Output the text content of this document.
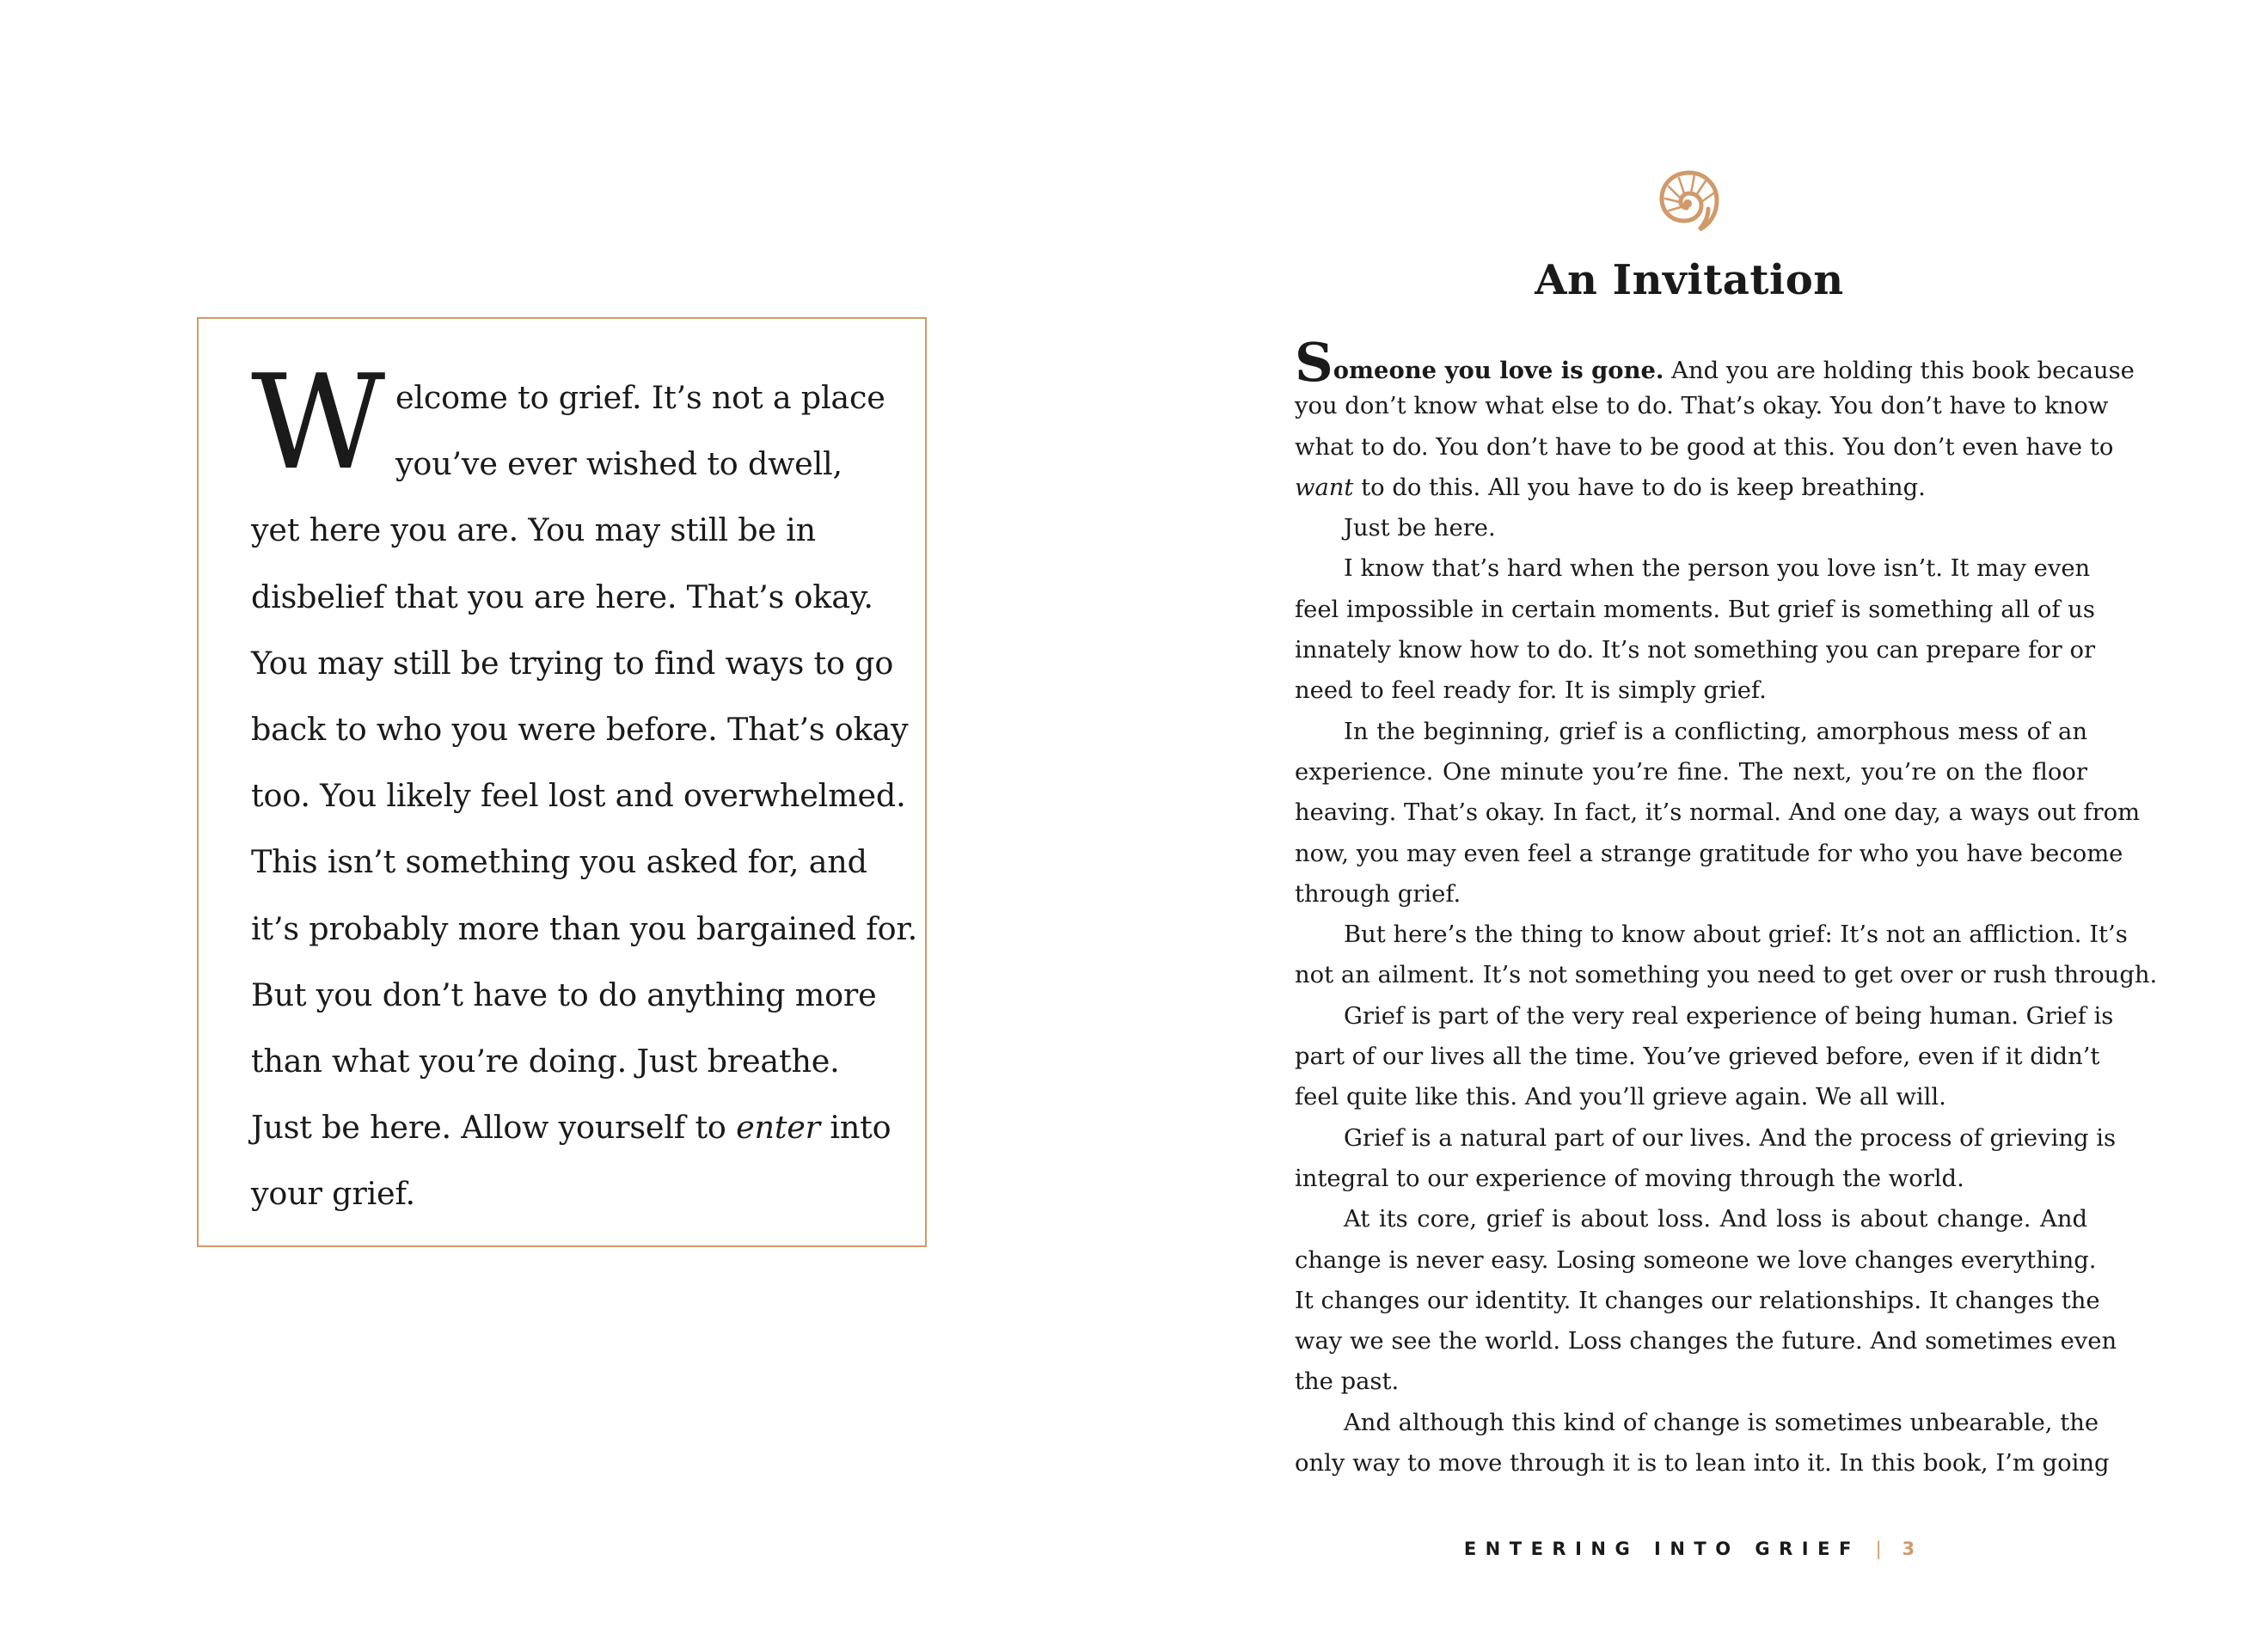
W elcome to grief. It’s not a place
you’ve ever wished to dwell,
yet here you are. You may still be in
disbelief that you are here. That’s okay.
You may still be trying to find ways to go
back to who you were before. That’s okay
too. You likely feel lost and overwhelmed.
This isn’t something you asked for, and
it’s probably more than you bargained for.
But you don’t have to do anything more
than what you’re doing. Just breathe.
Just be here. Allow yourself to enter into
your grief.
An Invitation
Someone you love is gone. And you are holding this book because
you don’t know what else to do. That’s okay. You don’t have to know
what to do. You don’t have to be good at this. You don’t even have to
want to do this. All you have to do is keep breathing.
Just be here.
I know that’s hard when the person you love isn’t. It may even
feel impossible in certain moments. But grief is something all of us
innately know how to do. It’s not something you can prepare for or
need to feel ready for. It is simply grief.
In the beginning, grief is a conflicting, amorphous mess of an
experience. One minute you’re fine. The next, you’re on the floor
heaving. That’s okay. In fact, it’s normal. And one day, a ways out from
now, you may even feel a strange gratitude for who you have become
through grief.
But here’s the thing to know about grief: It’s not an affliction. It’s
not an ailment. It’s not something you need to get over or rush through.
Grief is part of the very real experience of being human. Grief is
part of our lives all the time. You’ve grieved before, even if it didn’t
feel quite like this. And you’ll grieve again. We all will.
Grief is a natural part of our lives. And the process of grieving is
integral to our experience of moving through the world.
At its core, grief is about loss. And loss is about change. And
change is never easy. Losing someone we love changes everything.
It changes our identity. It changes our relationships. It changes the
way we see the world. Loss changes the future. And sometimes even
the past.
And although this kind of change is sometimes unbearable, the
only way to move through it is to lean into it. In this book, I’m going
ENTERING INTO GRIEF | 3
